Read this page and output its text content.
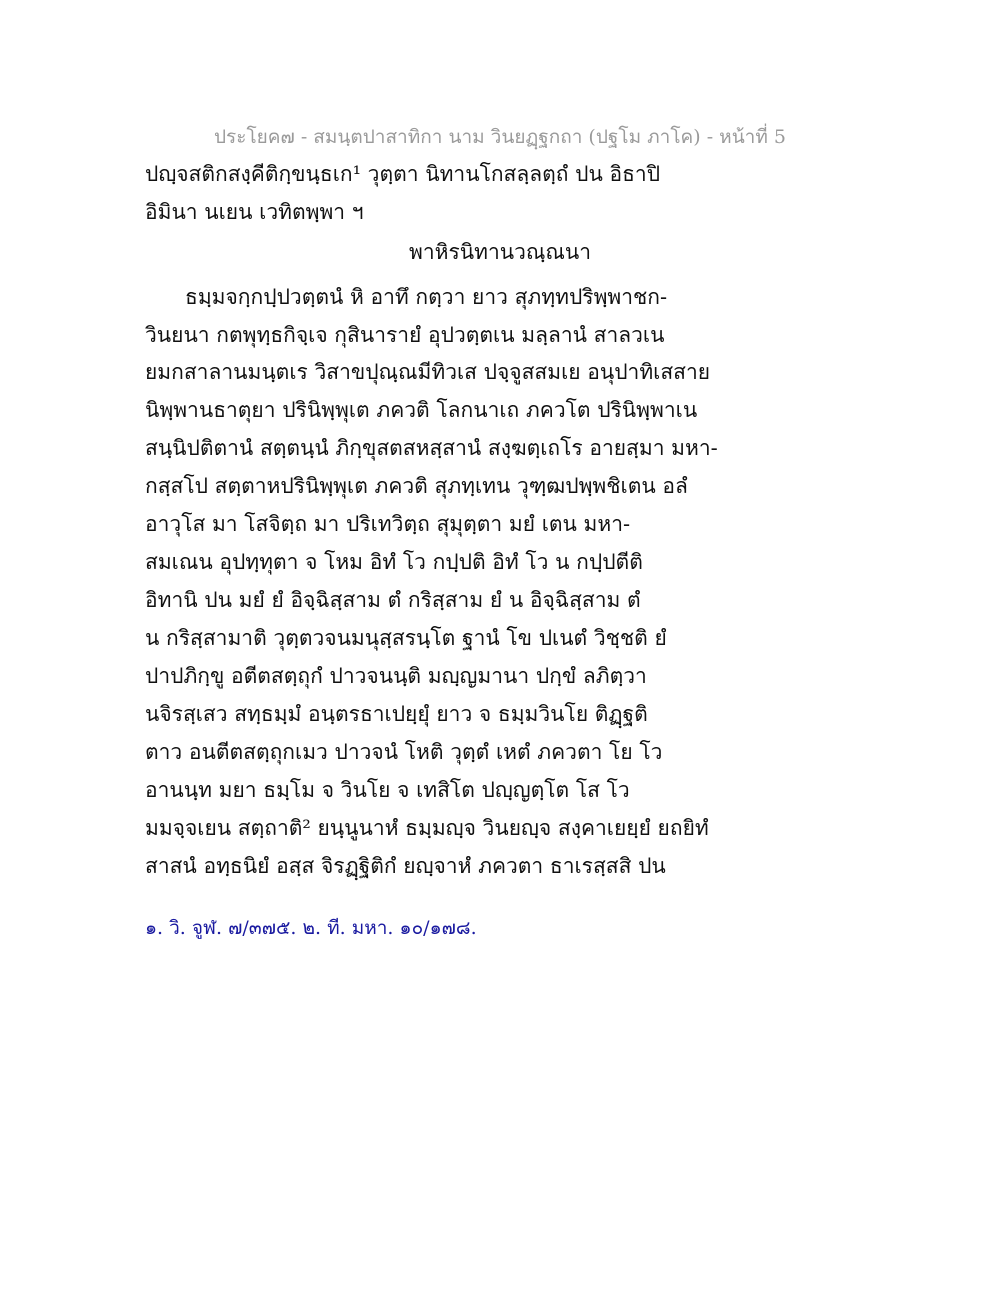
ประโยค๗ - สมนฺตปาสาทิกา นาม วินยฏฺฐกถา (ปฐโม ภาโค) - หน้าที่ 5
ปญฺจสติกสงฺคีติกฺขนฺธเก¹ วุตฺตา นิทานโกสลฺลตฺถํ ปน อิธาปิ
อิมินา นเยน เวทิตพฺพา ฯ
พาหิรนิทานวณฺณนา
ธมฺมจกฺกปฺปวตฺตนํ หิ อาทึ กตฺวา ยาว สุภทฺทปริพฺพาชก-
วินยนา กตพุทฺธกิจฺเจ กุสินารายํ อุปวตฺตเน มลฺลานํ สาลวเน
ยมกสาลานมนฺตเร วิสาขปุณฺณมีทิวเส ปจฺจูสสมเย อนุปาทิเสสาย
นิพฺพานธาตุยา ปรินิพฺพุเต ภควติ โลกนาเถ ภควโต ปรินิพฺพาเน
สนฺนิปติตานํ สตฺตนฺนํ ภิกฺขุสตสหสฺสานํ สงฺฆตฺเถโร อายสฺมา มหา-
กสฺสโป สตฺตาหปรินิพฺพุเต ภควติ สุภทฺเทน วุฑฺฒปพฺพชิเตน อลํ
อาวุโส มา โสจิตฺถ มา ปริเทวิตฺถ สุมุตฺตา มยํ เตน มหา-
สมเณน อุปทฺทุตา จ โหม อิทํ โว กปฺปติ อิทํ โว น กปฺปตีติ
อิทานิ ปน มยํ ยํ อิจฺฉิสฺสาม ตํ กริสฺสาม ยํ น อิจฺฉิสฺสาม ตํ
น กริสฺสามาติ วุตฺตวจนมนุสฺสรนฺโต ฐานํ โข ปเนตํ วิชฺชติ ยํ
ปาปภิกฺขู อตีตสตฺถุกํ ปาวจนนฺติ มญฺญมานา ปกฺขํ ลภิตฺวา
นจิรสฺเสว สทฺธมฺมํ อนฺตรธาเปยฺยุํ ยาว จ ธมฺมวินโย ติฏฺฐติ
ตาว อนตีตสตฺถุกเมว ปาวจนํ โหติ วุตฺตํ เหตํ ภควตา โย โว
อานนฺท มยา ธมฺโม จ วินโย จ เทสิโต ปญฺญตฺโต โส โว
มมจฺจเยน สตฺถาติ² ยนฺนูนาหํ ธมฺมญฺจ วินยญฺจ สงฺคาเยยฺยํ ยถยิทํ
สาสนํ อทฺธนิยํ อสฺส จิรฏฺฐิติกํ ยญฺจาหํ ภควตา ธาเรสฺสสิ ปน
๑. วิ. จูฬ. ๗/๓๗๕. ๒. ที. มหา. ๑๐/๑๗๘.
